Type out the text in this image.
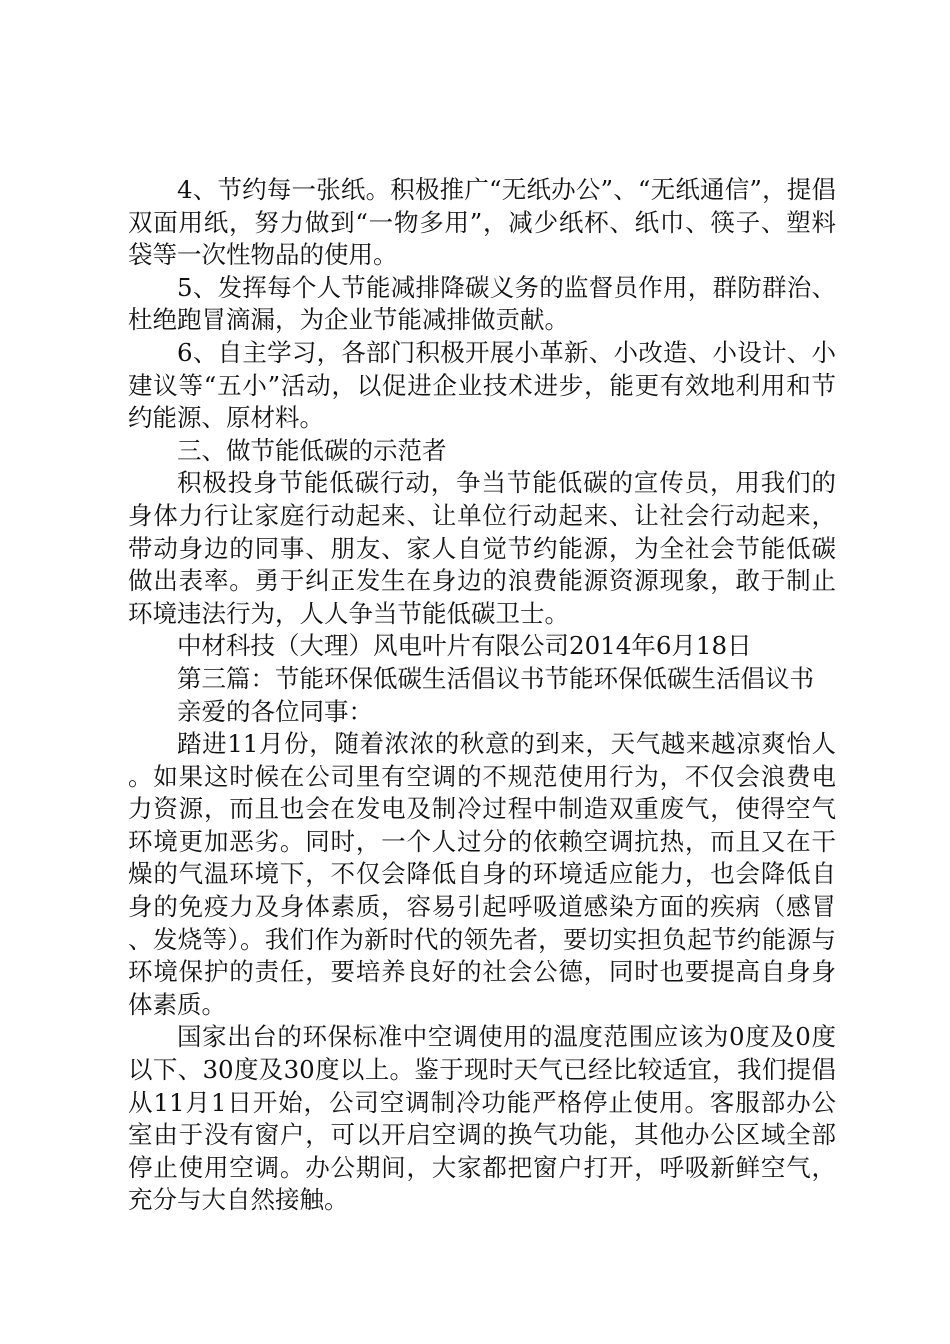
4、节约每一张纸。积极推广“无纸办公”、“无纸通信”，提倡双面用纸，努力做到“一物多用”，减少纸杯、纸巾、筷子、塑料袋等一次性物品的使用。

5、发挥每个人节能减排降碳义务的监督员作用，群防群治、杜绝跑冒滴漏，为企业节能减排做贡献。

6、自主学习，各部门积极开展小革新、小改造、小设计、小建议等“五小”活动，以促进企业技术进步，能更有效地利用和节约能源、原材料。

三、做节能低碳的示范者

积极投身节能低碳行动，争当节能低碳的宣传员，用我们的身体力行让家庭行动起来、让单位行动起来、让社会行动起来，带动身边的同事、朋友、家人自觉节约能源，为全社会节能低碳做出表率。勇于纠正发生在身边的浪费能源资源现象，敢于制止环境违法行为，人人争当节能低碳卫士。

中材科技（大理）风电叶片有限公司2014年6月18日

第三篇：节能环保低碳生活倡议书节能环保低碳生活倡议书

亲爱的各位同事：

踏进11月份，随着浓浓的秋意的到来，天气越来越凉爽怡人。如果这时候在公司里有空调的不规范使用行为，不仅会浪费电力资源，而且也会在发电及制冷过程中制造双重废气，使得空气环境更加恶劣。同时，一个人过分的依赖空调抗热，而且又在干燥的气温环境下，不仅会降低自身的环境适应能力，也会降低自身的免疫力及身体素质，容易引起呼吸道感染方面的疾病（感冒、发烧等）。我们作为新时代的领先者，要切实担负起节约能源与环境保护的责任，要培养良好的社会公德，同时也要提高自身身体素质。

国家出台的环保标准中空调使用的温度范围应该为0度及0度以下、30度及30度以上。鉴于现时天气已经比较适宜，我们提倡从11月1日开始，公司空调制冷功能严格停止使用。客服部办公室由于没有窗户，可以开启空调的换气功能，其他办公区域全部停止使用空调。办公期间，大家都把窗户打开，呼吸新鲜空气，充分与大自然接触。
